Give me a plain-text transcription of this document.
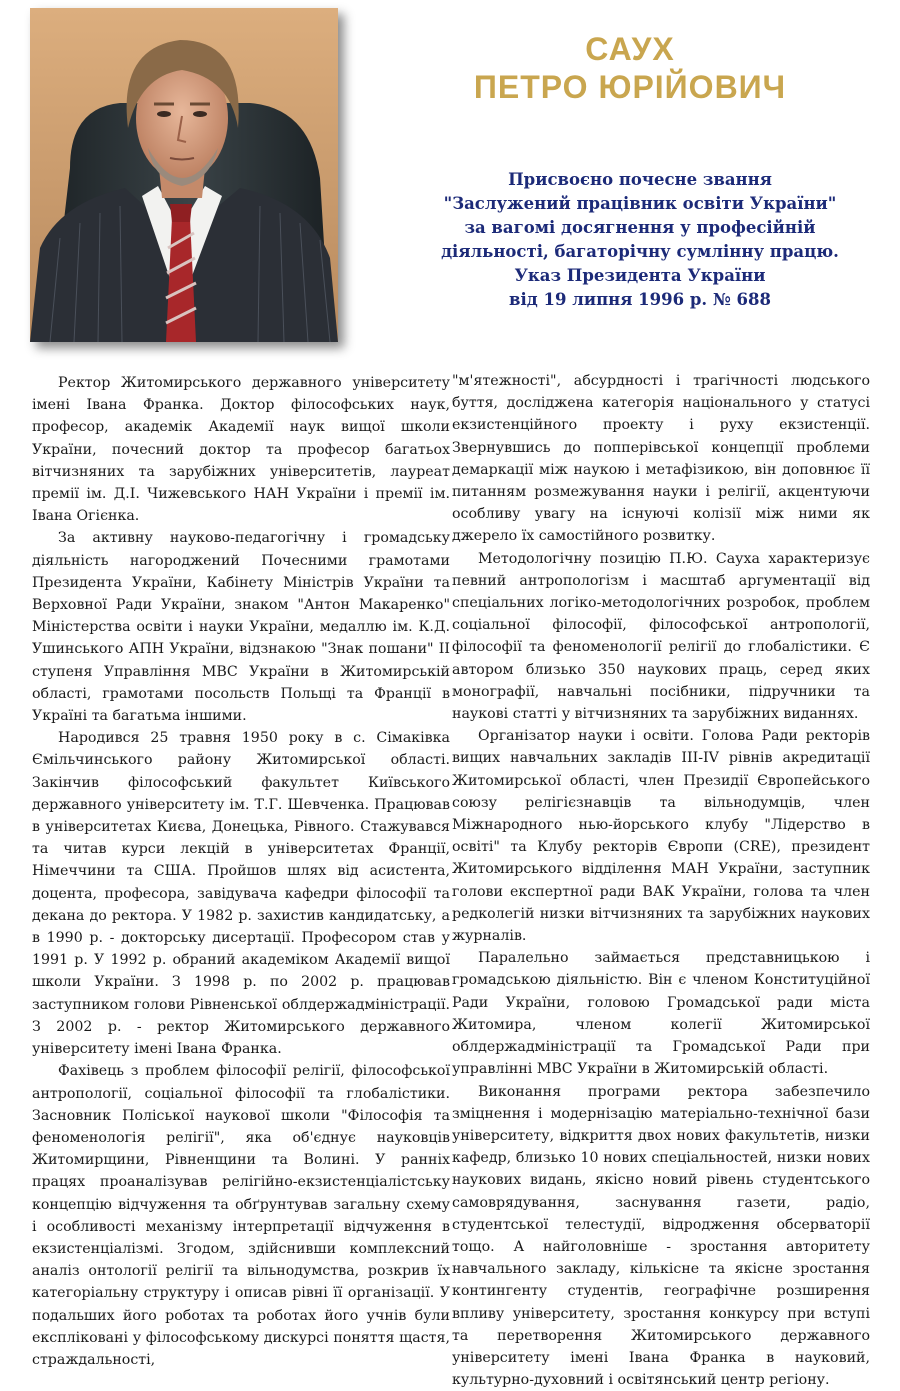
САУХ
ПЕТРО ЮРІЙОВИЧ
Присвоєно почесне звання
"Заслужений працівник освіти України"
за вагомі досягнення у професійній
діяльності, багаторічну сумлінну працю.
Указ Президента України
від 19 липня 1996 р. № 688

Ректор Житомирського державного університету імені Івана Франка. Доктор філософських наук, професор, академік Академії наук вищої школи України, почесний доктор та професор багатьох вітчизняних та зарубіжних університетів, лауреат премії ім. Д.І. Чижевського НАН України і премії ім. Івана Огієнка.

За активну науково-педагогічну і громадську діяльність нагороджений Почесними грамотами Президента України, Кабінету Міністрів України та Верховної Ради України, знаком "Антон Макаренко" Міністерства освіти і науки України, медаллю ім. К.Д. Ушинського АПН України, відзнакою "Знак пошани" ІІ ступеня Управління МВС України в Житомирській області, грамотами посольств Польщі та Франції в Україні та багатьма іншими.

Народився 25 травня 1950 року в с. Сімаківка Ємільчинського району Житомирської області. Закінчив філософський факультет Київського державного університету ім. Т.Г. Шевченка. Працював в університетах Києва, Донецька, Рівного. Стажувався та читав курси лекцій в університетах Франції, Німеччини та США. Пройшов шлях від асистента, доцента, професора, завідувача кафедри філософії та декана до ректора. У 1982 р. захистив кандидатську, а в 1990 р. - докторську дисертації. Професором став у 1991 р. У 1992 р. обраний академіком Академії вищої школи України. З 1998 р. по 2002 р. працював заступником голови Рівненської облдержадміністрації. З 2002 р. - ректор Житомирського державного університету імені Івана Франка.

Фахівець з проблем філософії релігії, філософської антропології, соціальної філософії та глобалістики. Засновник Поліської наукової школи "Філософія та феноменологія релігії", яка об'єднує науковців Житомирщини, Рівненщини та Волині. У ранніх працях проаналізував релігійно-екзистенціалістську концепцію відчуження та обґрунтував загальну схему і особливості механізму інтерпретації відчуження в екзистенціалізмі. Згодом, здійснивши комплексний аналіз онтології релігії та вільнодумства, розкрив їх категоріальну структуру і описав рівні її організації. У подальших його роботах та роботах його учнів були експліковані у філософському дискурсі поняття щастя, страждальності,

"м'ятежності", абсурдності і трагічності людського буття, досліджена категорія національного у статусі екзистенційного проекту і руху екзистенції. Звернувшись до попперівської концепції проблеми демаркації між наукою і метафізикою, він доповнює її питанням розмежування науки і релігії, акцентуючи особливу увагу на існуючі колізії між ними як джерело їх самостійного розвитку.

Методологічну позицію П.Ю. Сауха характеризує певний антропологізм і масштаб аргументації від спеціальних логіко-методологічних розробок, проблем соціальної філософії, філософської антропології, філософії та феноменології релігії до глобалістики. Є автором близько 350 наукових праць, серед яких монографії, навчальні посібники, підручники та наукові статті у вітчизняних та зарубіжних виданнях.

Організатор науки і освіти. Голова Ради ректорів вищих навчальних закладів ІІІ-ІV рівнів акредитації Житомирської області, член Президії Європейського союзу релігієзнавців та вільнодумців, член Міжнародного нью-йорського клубу "Лідерство в освіті" та Клубу ректорів Європи (CRE), президент Житомирського відділення МАН України, заступник голови експертної ради ВАК України, голова та член редколегій низки вітчизняних та зарубіжних наукових журналів.

Паралельно займається представницькою і громадською діяльністю. Він є членом Конституційної Ради України, головою Громадської ради міста Житомира, членом колегії Житомирської облдержадміністрації та Громадської Ради при управлінні МВС України в Житомирській області.

Виконання програми ректора забезпечило зміцнення і модернізацію матеріально-технічної бази університету, відкриття двох нових факультетів, низки кафедр, близько 10 нових спеціальностей, низки нових наукових видань, якісно новий рівень студентського самоврядування, заснування газети, радіо, студентської телестудії, відродження обсерваторії тощо. А найголовніше - зростання авторитету навчального закладу, кількісне та якісне зростання контингенту студентів, географічне розширення впливу університету, зростання конкурсу при вступі та перетворення Житомирського державного університету імені Івана Франка в науковий, культурно-духовний і освітянський центр регіону.
